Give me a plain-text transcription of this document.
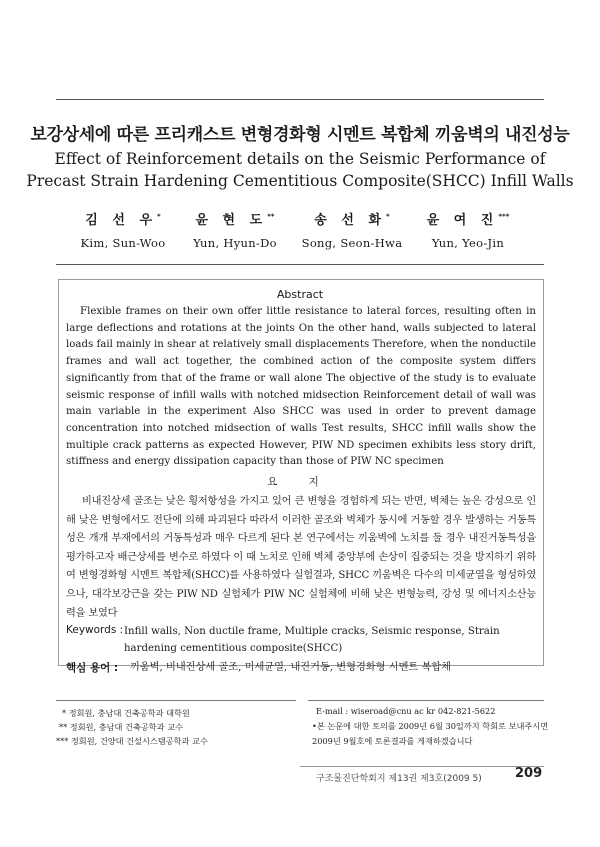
보강상세에 따른 프리캐스트 변형경화형 시멘트 복합체 끼움벽의 내진성능
Effect of Reinforcement details on the Seismic Performance of
Precast Strain Hardening Cementitious Composite(SHCC) Infill Walls
김 선 우*
Kim, Sun-Woo
윤 현 도**
Yun, Hyun-Do
송 선 화*
Song, Seon-Hwa
윤 여 진***
Yun, Yeo-Jin
Abstract

Flexible frames on their own offer little resistance to lateral forces, resulting often in large deflections and rotations at the joints On the other hand, walls subjected to lateral loads fail mainly in shear at relatively small displacements Therefore, when the nonductile frames and wall act together, the combined action of the composite system differs significantly from that of the frame or wall alone The objective of the study is to evaluate seismic response of infill walls with notched midsection Reinforcement detail of wall was main variable in the experiment Also SHCC was used in order to prevent damage concentration into notched midsection of walls Test results, SHCC infill walls show the multiple crack patterns as expected However, PIW ND specimen exhibits less story drift, stiffness and energy dissipation capacity than those of PIW NC specimen

요 지

비내진상세 골조는 낮은 횡저항성을 가지고 있어 큰 변형을 경험하게 되는 반면, 벽체는 높은 강성으로 인해 낮은 변형에서도 전단에 의해 파괴된다 따라서 이러한 골조와 벽체가 동시에 거동할 경우 발생하는 거동특성은 개개 부재에서의 거동특성과 매우 다르게 된다 본 연구에서는 끼움벽에 노치를 둘 경우 내진거동특성을 평가하고자 배근상세를 변수로 하였다 이 때 노치로 인해 벽체 중앙부에 손상이 집중되는 것을 방지하기 위하여 변형경화형 시멘트 복합체(SHCC)를 사용하였다 실험결과, SHCC 끼움벽은 다수의 미세균열을 형성하였으나, 대각보강근을 갖는 PIW ND 실험체가 PIW NC 실험체에 비해 낮은 변형능력, 강성 및 에너지소산능력을 보였다

Keywords : Infill walls, Non ductile frame, Multiple cracks, Seismic response, Strain hardening cementitious composite(SHCC)
핵심 용어 : 끼움벽, 비내진상세 골조, 미세균열, 내진거동, 변형경화형 시멘트 복합체
* 정회원, 충남대 건축공학과 대학원
** 정회원, 충남대 건축공학과 교수
*** 정회원, 건양대 건설시스템공학과 교수
E-mail : wiseroad@cnu ac kr 042-821-5622
•본 논문에 대한 토의를 2009년 6월 30일까지 학회로 보내주시면 2009년 9월호에 토론결과를 게재하겠습니다
구조물진단학회지 제13권 제3호(2009 5)	209
